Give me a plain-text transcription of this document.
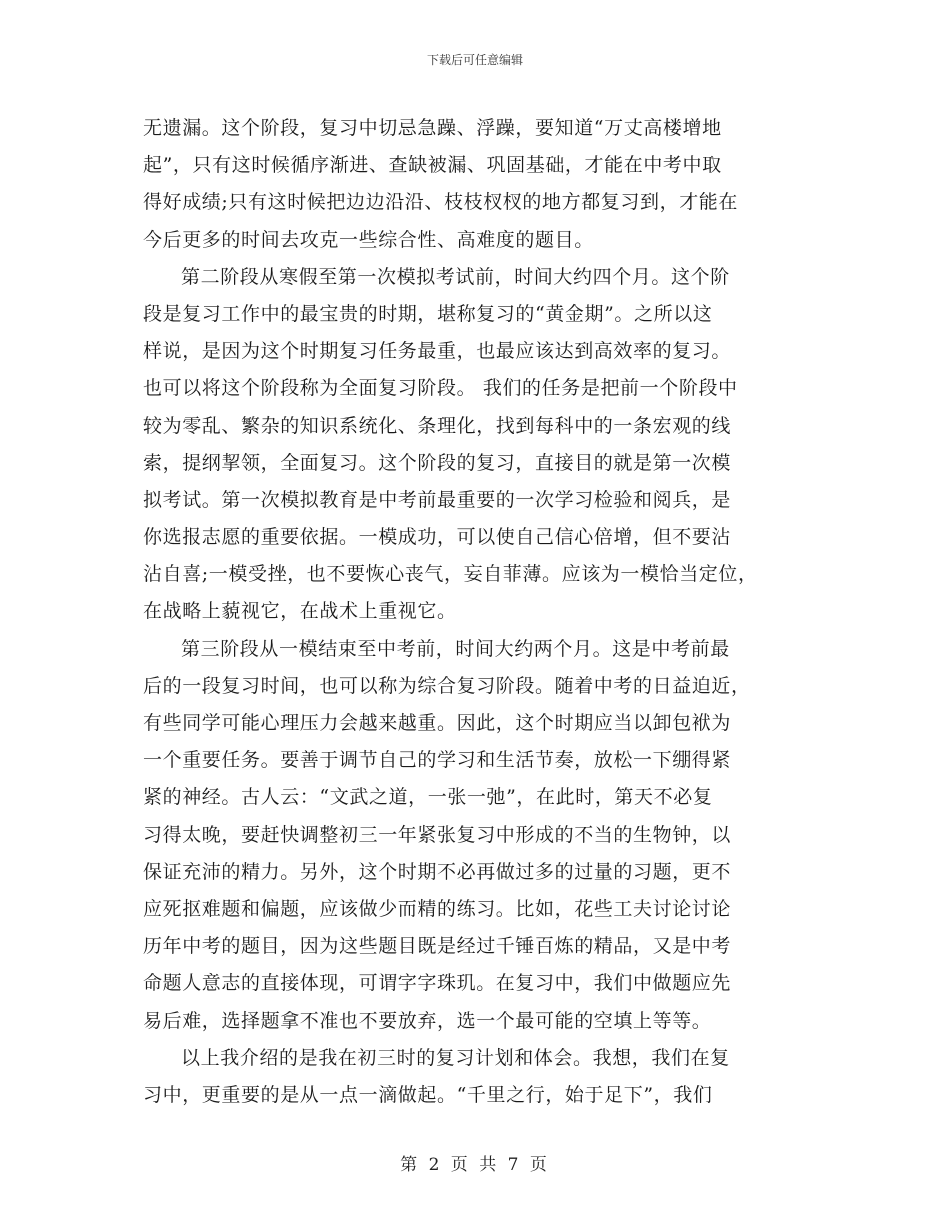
下载后可任意编辑
无遗漏。这个阶段，复习中切忌急躁、浮躁，要知道“万丈高楼增地
起”，只有这时候循序渐进、查缺被漏、巩固基础，才能在中考中取
得好成绩;只有这时候把边边沿沿、枝枝杈杈的地方都复习到，才能在
今后更多的时间去攻克一些综合性、高难度的题目。
第二阶段从寒假至第一次模拟考试前，时间大约四个月。这个阶
段是复习工作中的最宝贵的时期，堪称复习的“黄金期”。之所以这
样说，是因为这个时期复习任务最重，也最应该达到高效率的复习。
也可以将这个阶段称为全面复习阶段。 我们的任务是把前一个阶段中
较为零乱、繁杂的知识系统化、条理化，找到每科中的一条宏观的线
索，提纲挈领，全面复习。这个阶段的复习，直接目的就是第一次模
拟考试。第一次模拟教育是中考前最重要的一次学习检验和阅兵，是
你选报志愿的重要依据。一模成功，可以使自己信心倍增，但不要沾
沾自喜;一模受挫，也不要恢心丧气，妄自菲薄。应该为一模恰当定位，
在战略上藐视它，在战术上重视它。
第三阶段从一模结束至中考前，时间大约两个月。这是中考前最
后的一段复习时间，也可以称为综合复习阶段。随着中考的日益迫近，
有些同学可能心理压力会越来越重。因此，这个时期应当以卸包袱为
一个重要任务。要善于调节自己的学习和生活节奏，放松一下绷得紧
紧的神经。古人云：“文武之道，一张一弛”，在此时，第天不必复
习得太晚，要赶快调整初三一年紧张复习中形成的不当的生物钟，以
保证充沛的精力。另外，这个时期不必再做过多的过量的习题，更不
应死抠难题和偏题，应该做少而精的练习。比如，花些工夫讨论讨论
历年中考的题目，因为这些题目既是经过千锤百炼的精品，又是中考
命题人意志的直接体现，可谓字字珠玑。在复习中，我们中做题应先
易后难，选择题拿不准也不要放弃，选一个最可能的空填上等等。
以上我介绍的是我在初三时的复习计划和体会。我想，我们在复
习中，更重要的是从一点一滴做起。“千里之行，始于足下”，我们
第 2 页 共 7 页
